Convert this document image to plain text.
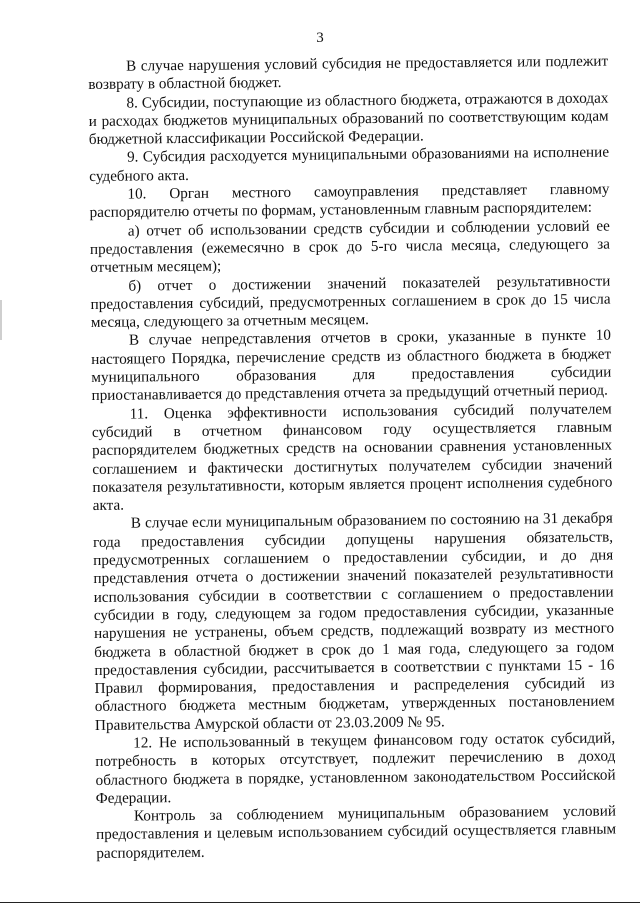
3

В случае нарушения условий субсидия не предоставляется или подлежит возврату в областной бюджет.

8. Субсидии, поступающие из областного бюджета, отражаются в доходах и расходах бюджетов муниципальных образований по соответствующим кодам бюджетной классификации Российской Федерации.

9. Субсидия расходуется муниципальными образованиями на исполнение судебного акта.

10. Орган местного самоуправления представляет главному распорядителю отчеты по формам, установленным главным распорядителем:

а) отчет об использовании средств субсидии и соблюдении условий ее предоставления (ежемесячно в срок до 5-го числа месяца, следующего за отчетным месяцем);

б) отчет о достижении значений показателей результативности предоставления субсидий, предусмотренных соглашением в срок до 15 числа месяца, следующего за отчетным месяцем.

В случае непредставления отчетов в сроки, указанные в пункте 10 настоящего Порядка, перечисление средств из областного бюджета в бюджет муниципального образования для предоставления субсидии приостанавливается до представления отчета за предыдущий отчетный период.

11. Оценка эффективности использования субсидий получателем субсидий в отчетном финансовом году осуществляется главным распорядителем бюджетных средств на основании сравнения установленных соглашением и фактически достигнутых получателем субсидии значений показателя результативности, которым является процент исполнения судебного акта.

В случае если муниципальным образованием по состоянию на 31 декабря года предоставления субсидии допущены нарушения обязательств, предусмотренных соглашением о предоставлении субсидии, и до дня представления отчета о достижении значений показателей результативности использования субсидии в соответствии с соглашением о предоставлении субсидии в году, следующем за годом предоставления субсидии, указанные нарушения не устранены, объем средств, подлежащий возврату из местного бюджета в областной бюджет в срок до 1 мая года, следующего за годом предоставления субсидии, рассчитывается в соответствии с пунктами 15 - 16 Правил формирования, предоставления и распределения субсидий из областного бюджета местным бюджетам, утвержденных постановлением Правительства Амурской области от 23.03.2009 № 95.

12. Не использованный в текущем финансовом году остаток субсидий, потребность в которых отсутствует, подлежит перечислению в доход областного бюджета в порядке, установленном законодательством Российской Федерации.

Контроль за соблюдением муниципальным образованием условий предоставления и целевым использованием субсидий осуществляется главным распорядителем.
